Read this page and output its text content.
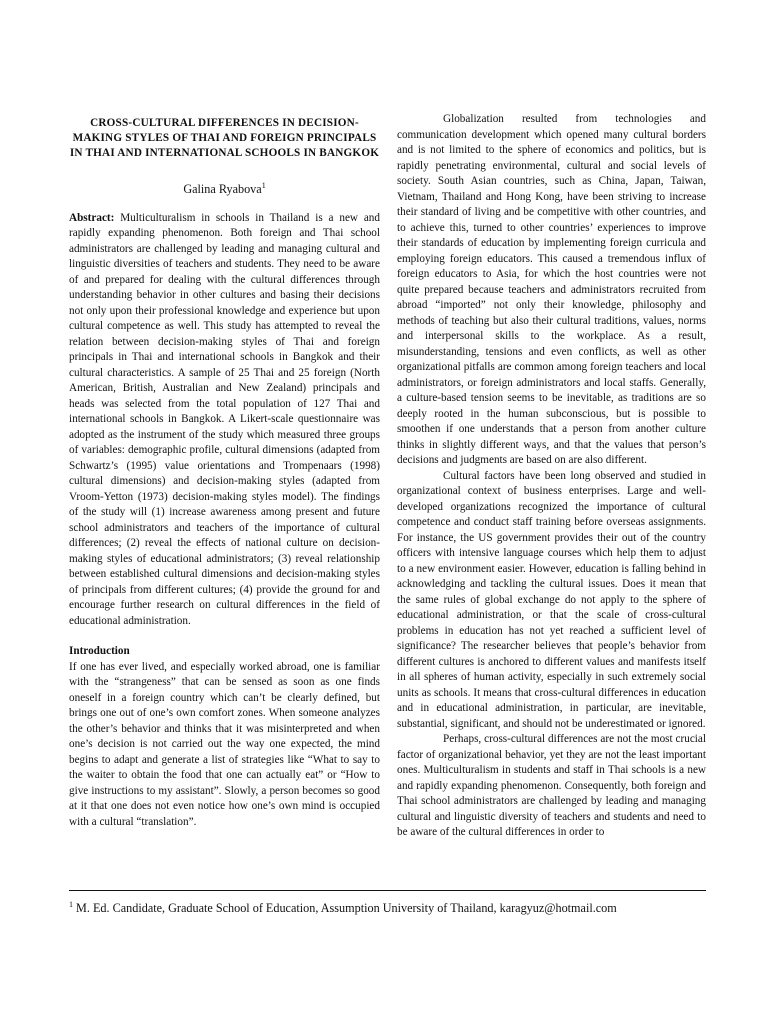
CROSS-CULTURAL DIFFERENCES IN DECISION-MAKING STYLES OF THAI AND FOREIGN PRINCIPALS IN THAI AND INTERNATIONAL SCHOOLS IN BANGKOK
Galina Ryabova$^1$

Abstract: Multiculturalism in schools in Thailand is a new and rapidly expanding phenomenon. Both foreign and Thai school administrators are challenged by leading and managing cultural and linguistic diversities of teachers and students. They need to be aware of and prepared for dealing with the cultural differences through understanding behavior in other cultures and basing their decisions not only upon their professional knowledge and experience but upon cultural competence as well. This study has attempted to reveal the relation between decision-making styles of Thai and foreign principals in Thai and international schools in Bangkok and their cultural characteristics. A sample of 25 Thai and 25 foreign (North American, British, Australian and New Zealand) principals and heads was selected from the total population of 127 Thai and international schools in Bangkok. A Likert-scale questionnaire was adopted as the instrument of the study which measured three groups of variables: demographic profile, cultural dimensions (adapted from Schwartz’s (1995) value orientations and Trompenaars (1998) cultural dimensions) and decision-making styles (adapted from Vroom-Yetton (1973) decision-making styles model). The findings of the study will (1) increase awareness among present and future school administrators and teachers of the importance of cultural differences; (2) reveal the effects of national culture on decision-making styles of educational administrators; (3) reveal relationship between established cultural dimensions and decision-making styles of principals from different cultures; (4) provide the ground for and encourage further research on cultural differences in the field of educational administration.

Introduction

If one has ever lived, and especially worked abroad, one is familiar with the “strangeness” that can be sensed as soon as one finds oneself in a foreign country which can’t be clearly defined, but brings one out of one’s own comfort zones. When someone analyzes the other’s behavior and thinks that it was misinterpreted and when one’s decision is not carried out the way one expected, the mind begins to adapt and generate a list of strategies like “What to say to the waiter to obtain the food that one can actually eat” or “How to give instructions to my assistant”. Slowly, a person becomes so good at it that one does not even notice how one’s own mind is occupied with a cultural “translation”.

Globalization resulted from technologies and communication development which opened many cultural borders and is not limited to the sphere of economics and politics, but is rapidly penetrating environmental, cultural and social levels of society. South Asian countries, such as China, Japan, Taiwan, Vietnam, Thailand and Hong Kong, have been striving to increase their standard of living and be competitive with other countries, and to achieve this, turned to other countries’ experiences to improve their standards of education by implementing foreign curricula and employing foreign educators. This caused a tremendous influx of foreign educators to Asia, for which the host countries were not quite prepared because teachers and administrators recruited from abroad “imported” not only their knowledge, philosophy and methods of teaching but also their cultural traditions, values, norms and interpersonal skills to the workplace. As a result, misunderstanding, tensions and even conflicts, as well as other organizational pitfalls are common among foreign teachers and local administrators, or foreign administrators and local staffs. Generally, a culture-based tension seems to be inevitable, as traditions are so deeply rooted in the human subconscious, but is possible to smoothen if one understands that a person from another culture thinks in slightly different ways, and that the values that person’s decisions and judgments are based on are also different.

Cultural factors have been long observed and studied in organizational context of business enterprises. Large and well-developed organizations recognized the importance of cultural competence and conduct staff training before overseas assignments. For instance, the US government provides their out of the country officers with intensive language courses which help them to adjust to a new environment easier. However, education is falling behind in acknowledging and tackling the cultural issues. Does it mean that the same rules of global exchange do not apply to the sphere of educational administration, or that the scale of cross-cultural problems in education has not yet reached a sufficient level of significance? The researcher believes that people’s behavior from different cultures is anchored to different values and manifests itself in all spheres of human activity, especially in such extremely social units as schools. It means that cross-cultural differences in education and in educational administration, in particular, are inevitable, substantial, significant, and should not be underestimated or ignored.

Perhaps, cross-cultural differences are not the most crucial factor of organizational behavior, yet they are not the least important ones. Multiculturalism in students and staff in Thai schools is a new and rapidly expanding phenomenon. Consequently, both foreign and Thai school administrators are challenged by leading and managing cultural and linguistic diversity of teachers and students and need to be aware of the cultural differences in order to

$^1$ M. Ed. Candidate, Graduate School of Education, Assumption University of Thailand, karagyuz@hotmail.com
